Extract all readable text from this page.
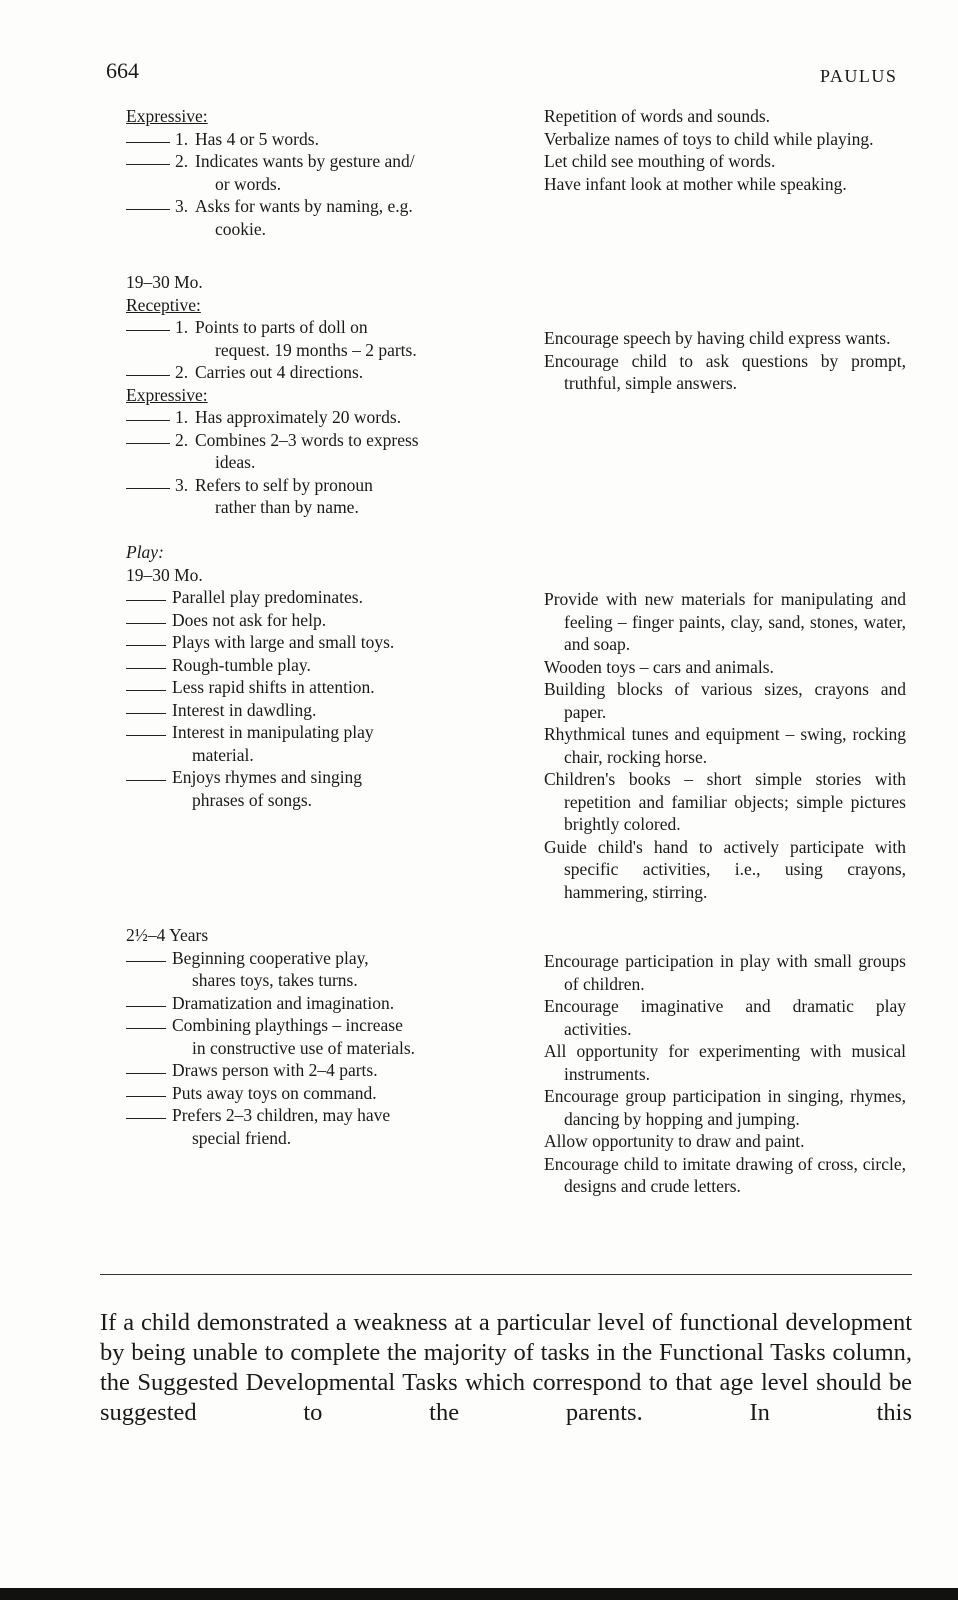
664	PAULUS
Expressive:
1. Has 4 or 5 words.
2. Indicates wants by gesture and/
or words.
3. Asks for wants by naming, e.g.
cookie.
Repetition of words and sounds.
Verbalize names of toys to child while playing.
Let child see mouthing of words.
Have infant look at mother while speaking.
19–30 Mo.
Receptive:
1. Points to parts of doll on
request. 19 months – 2 parts.
2. Carries out 4 directions.
Expressive:
1. Has approximately 20 words.
2. Combines 2–3 words to express
ideas.
3. Refers to self by pronoun
rather than by name.
Encourage speech by having child express wants.
Encourage child to ask questions by prompt, truthful, simple answers.
Play:
19–30 Mo.
Parallel play predominates.
Does not ask for help.
Plays with large and small toys.
Rough-tumble play.
Less rapid shifts in attention.
Interest in dawdling.
Interest in manipulating play
material.
Enjoys rhymes and singing
phrases of songs.
Provide with new materials for manipulating and feeling – finger paints, clay, sand, stones, water, and soap.
Wooden toys – cars and animals.
Building blocks of various sizes, crayons and paper.
Rhythmical tunes and equipment – swing, rocking chair, rocking horse.
Children's books – short simple stories with repetition and familiar objects; simple pictures brightly colored.
Guide child's hand to actively participate with specific activities, i.e., using crayons, hammering, stirring.
2½–4 Years
Beginning cooperative play,
shares toys, takes turns.
Dramatization and imagination.
Combining playthings – increase
in constructive use of materials.
Draws person with 2–4 parts.
Puts away toys on command.
Prefers 2–3 children, may have
special friend.
Encourage participation in play with small groups of children.
Encourage imaginative and dramatic play activities.
All opportunity for experimenting with musical instruments.
Encourage group participation in singing, rhymes, dancing by hopping and jumping.
Allow opportunity to draw and paint.
Encourage child to imitate drawing of cross, circle, designs and crude letters.
If a child demonstrated a weakness at a particular level of functional development by being unable to complete the majority of tasks in the Functional Tasks column, the Suggested Developmental Tasks which correspond to that age level should be suggested to the parents. In this
